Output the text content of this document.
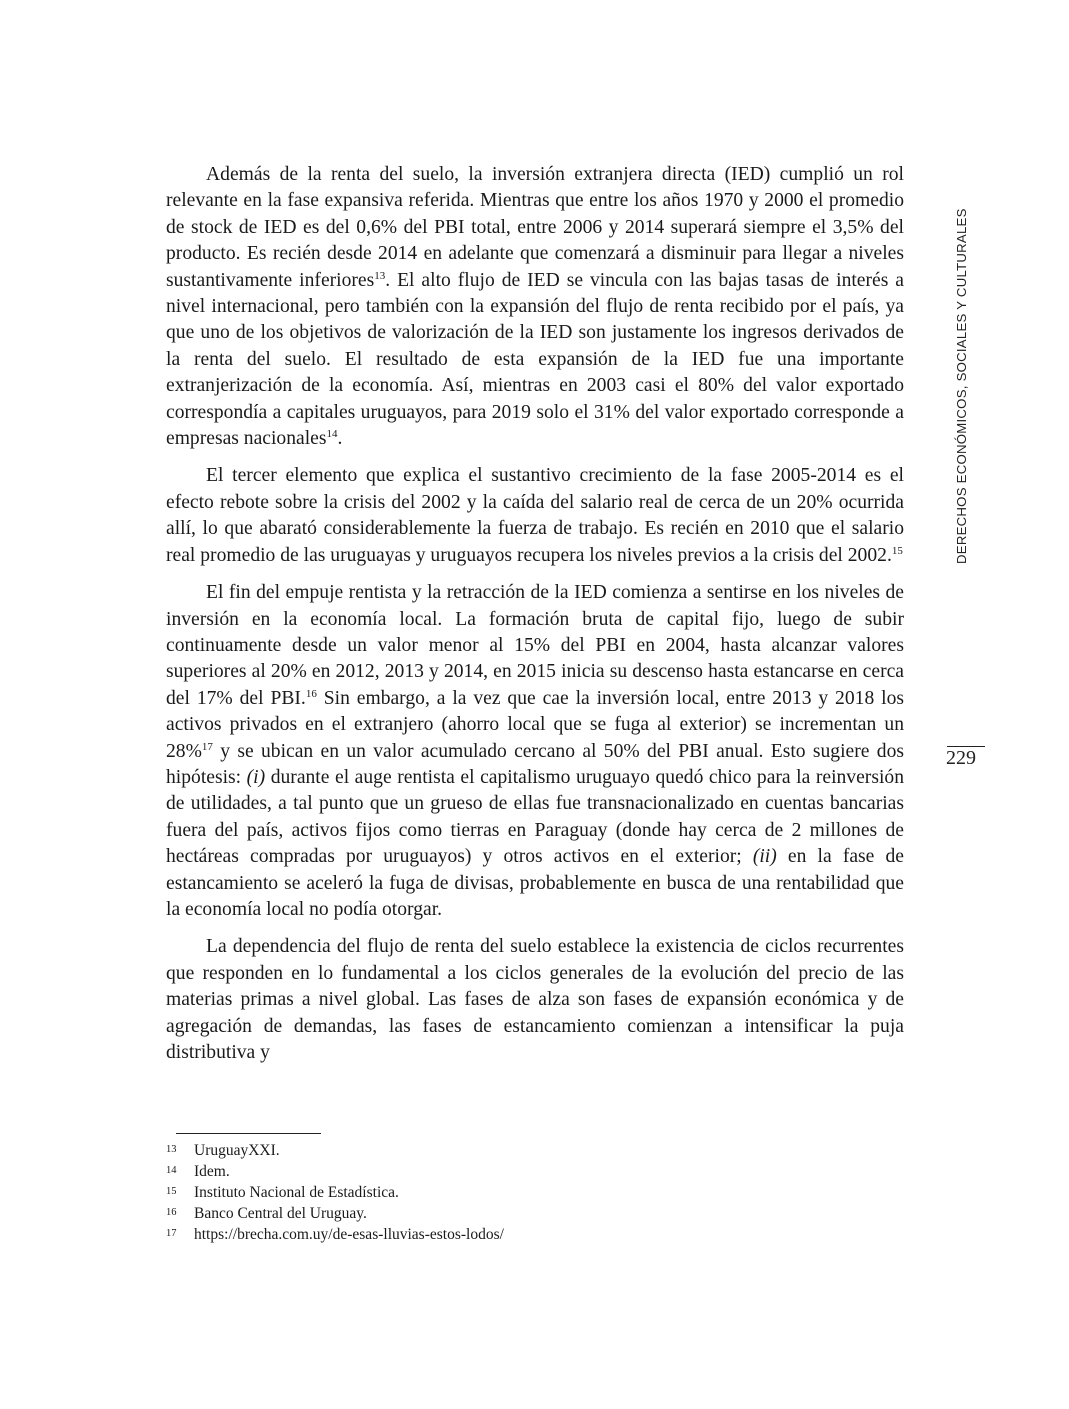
Además de la renta del suelo, la inversión extranjera directa (IED) cumplió un rol relevante en la fase expansiva referida. Mientras que entre los años 1970 y 2000 el promedio de stock de IED es del 0,6% del PBI total, entre 2006 y 2014 superará siempre el 3,5% del producto. Es recién desde 2014 en adelante que comenzará a disminuir para llegar a niveles sustantivamente inferiores$^{13}$. El alto flujo de IED se vincula con las bajas tasas de interés a nivel internacional, pero también con la expansión del flujo de renta recibido por el país, ya que uno de los objetivos de valorización de la IED son justamente los ingresos derivados de la renta del suelo. El resultado de esta expansión de la IED fue una importante extranjerización de la economía. Así, mientras en 2003 casi el 80% del valor exportado correspondía a capitales uruguayos, para 2019 solo el 31% del valor exportado corresponde a empresas nacionales$^{14}$.

El tercer elemento que explica el sustantivo crecimiento de la fase 2005-2014 es el efecto rebote sobre la crisis del 2002 y la caída del salario real de cerca de un 20% ocurrida allí, lo que abarató considerablemente la fuerza de trabajo. Es recién en 2010 que el salario real promedio de las uruguayas y uruguayos recupera los niveles previos a la crisis del 2002.15

El fin del empuje rentista y la retracción de la IED comienza a sentirse en los niveles de inversión en la economía local. La formación bruta de capital fijo, luego de subir continuamente desde un valor menor al 15% del PBI en 2004, hasta alcanzar valores superiores al 20% en 2012, 2013 y 2014, en 2015 inicia su descenso hasta estancarse en cerca del 17% del PBI.$^{16}$ Sin embargo, a la vez que cae la inversión local, entre 2013 y 2018 los activos privados en el extranjero (ahorro local que se fuga al exterior) se incrementan un 28%$^{17}$ y se ubican en un valor acumulado cercano al 50% del PBI anual. Esto sugiere dos hipótesis: (i) durante el auge rentista el capitalismo uruguayo quedó chico para la reinversión de utilidades, a tal punto que un grueso de ellas fue transnacionalizado en cuentas bancarias fuera del país, activos fijos como tierras en Paraguay (donde hay cerca de 2 millones de hectáreas compradas por uruguayos) y otros activos en el exterior; (ii) en la fase de estancamiento se aceleró la fuga de divisas, probablemente en busca de una rentabilidad que la economía local no podía otorgar.

La dependencia del flujo de renta del suelo establece la existencia de ciclos recurrentes que responden en lo fundamental a los ciclos generales de la evolución del precio de las materias primas a nivel global. Las fases de alza son fases de expansión económica y de agregación de demandas, las fases de estancamiento comienzan a intensificar la puja distributiva y

DERECHOS ECONÓMICOS, SOCIALES Y CULTURALES
229
13 UruguayXXI.
14 Idem.
15 Instituto Nacional de Estadística.
16 Banco Central del Uruguay.
17 https://brecha.com.uy/de-esas-lluvias-estos-lodos/
